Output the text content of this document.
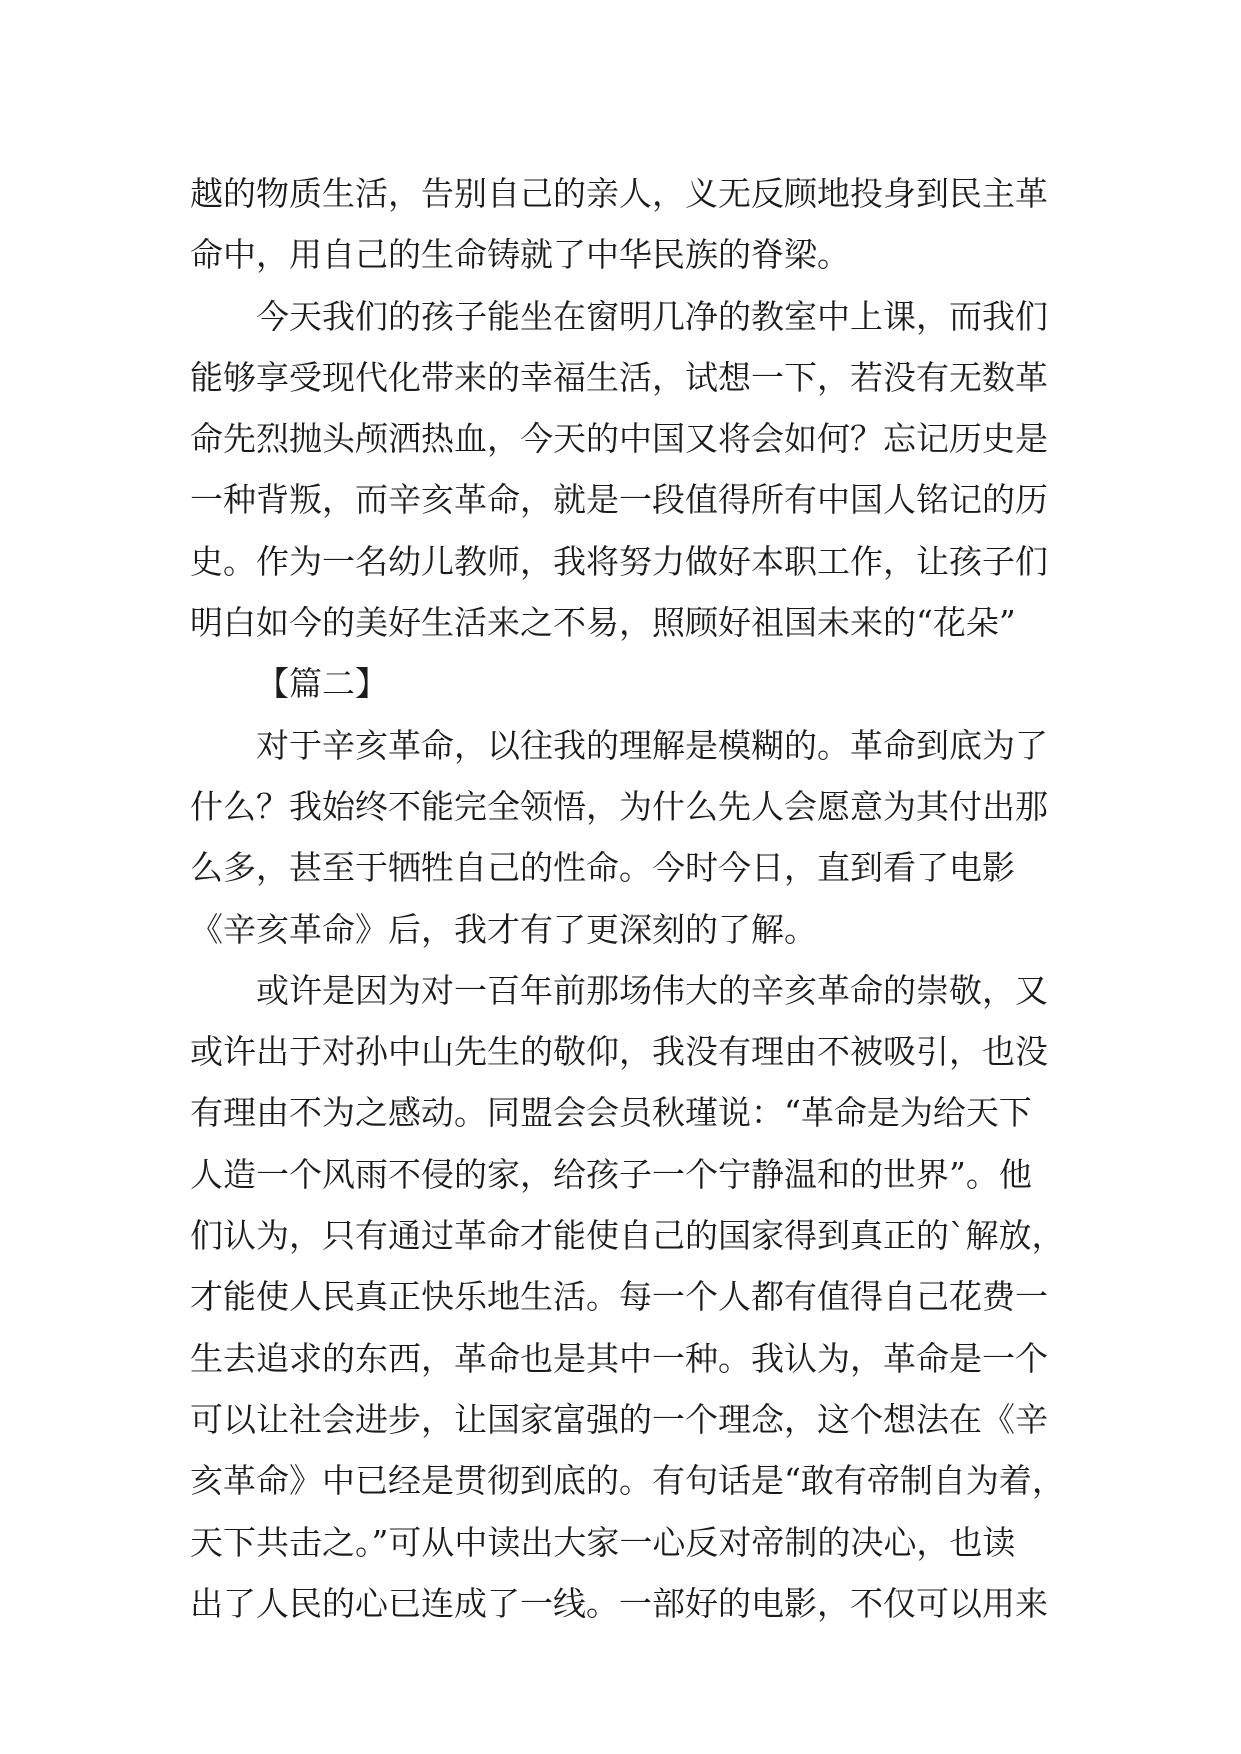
越的物质生活，告别自己的亲人，义无反顾地投身到民主革
命中，用自己的生命铸就了中华民族的脊梁。
今天我们的孩子能坐在窗明几净的教室中上课，而我们
能够享受现代化带来的幸福生活，试想一下，若没有无数革
命先烈抛头颅洒热血，今天的中国又将会如何？忘记历史是
一种背叛，而辛亥革命，就是一段值得所有中国人铭记的历
史。作为一名幼儿教师，我将努力做好本职工作，让孩子们
明白如今的美好生活来之不易，照顾好祖国未来的“花朵”
【篇二】
对于辛亥革命，以往我的理解是模糊的。革命到底为了
什么？我始终不能完全领悟，为什么先人会愿意为其付出那
么多，甚至于牺牲自己的性命。今时今日，直到看了电影
《辛亥革命》后，我才有了更深刻的了解。
或许是因为对一百年前那场伟大的辛亥革命的崇敬，又
或许出于对孙中山先生的敬仰，我没有理由不被吸引，也没
有理由不为之感动。同盟会会员秋瑾说：“革命是为给天下
人造一个风雨不侵的家，给孩子一个宁静温和的世界”。他
们认为，只有通过革命才能使自己的国家得到真正的`解放，
才能使人民真正快乐地生活。每一个人都有值得自己花费一
生去追求的东西，革命也是其中一种。我认为，革命是一个
可以让社会进步，让国家富强的一个理念，这个想法在《辛
亥革命》中已经是贯彻到底的。有句话是“敢有帝制自为着，
天下共击之。”可从中读出大家一心反对帝制的决心，也读
出了人民的心已连成了一线。一部好的电影，不仅可以用来
